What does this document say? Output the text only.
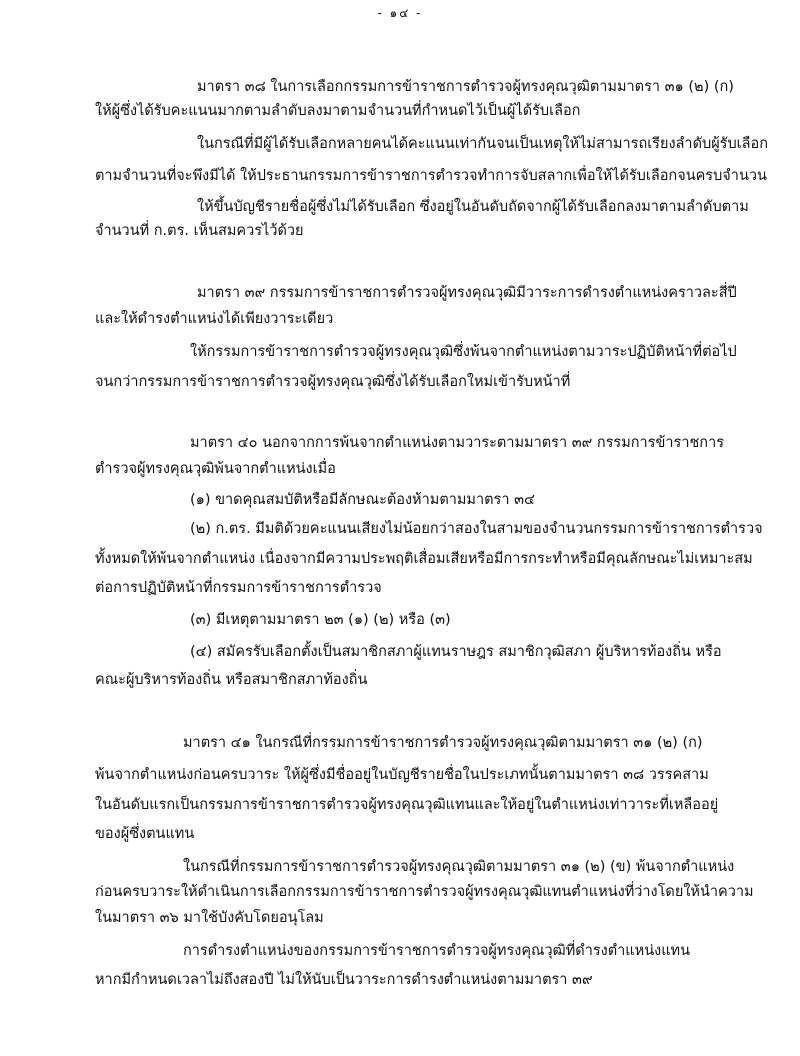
- ๑๔ -
มาตรา ๓๘ ในการเลือกกรรมการข้าราชการตำรวจผู้ทรงคุณวุฒิตามมาตรา ๓๑ (๒) (ก)
ให้ผู้ซึ่งได้รับคะแนนมากตามลำดับลงมาตามจำนวนที่กำหนดไว้เป็นผู้ได้รับเลือก
ในกรณีที่มีผู้ได้รับเลือกหลายคนได้คะแนนเท่ากันจนเป็นเหตุให้ไม่สามารถเรียงลำดับผู้รับเลือก
ตามจำนวนที่จะพึงมีได้ ให้ประธานกรรมการข้าราชการตำรวจทำการจับสลากเพื่อให้ได้รับเลือกจนครบจำนวน
ให้ขึ้นบัญชีรายชื่อผู้ซึ่งไม่ได้รับเลือก ซึ่งอยู่ในอันดับถัดจากผู้ได้รับเลือกลงมาตามลำดับตาม
จำนวนที่ ก.ตร. เห็นสมควรไว้ด้วย
มาตรา ๓๙ กรรมการข้าราชการตำรวจผู้ทรงคุณวุฒิมีวาระการดำรงตำแหน่งคราวละสี่ปี
และให้ดำรงตำแหน่งได้เพียงวาระเดียว
ให้กรรมการข้าราชการตำรวจผู้ทรงคุณวุฒิซึ่งพ้นจากตำแหน่งตามวาระปฏิบัติหน้าที่ต่อไป
จนกว่ากรรมการข้าราชการตำรวจผู้ทรงคุณวุฒิซึ่งได้รับเลือกใหม่เข้ารับหน้าที่
มาตรา ๔๐ นอกจากการพ้นจากตำแหน่งตามวาระตามมาตรา ๓๙ กรรมการข้าราชการ
ตำรวจผู้ทรงคุณวุฒิพ้นจากตำแหน่งเมื่อ
(๑) ขาดคุณสมบัติหรือมีลักษณะต้องห้ามตามมาตรา ๓๔
(๒) ก.ตร. มีมติด้วยคะแนนเสียงไม่น้อยกว่าสองในสามของจำนวนกรรมการข้าราชการตำรวจ
ทั้งหมดให้พ้นจากตำแหน่ง เนื่องจากมีความประพฤติเสื่อมเสียหรือมีการกระทำหรือมีคุณลักษณะไม่เหมาะสม
ต่อการปฏิบัติหน้าที่กรรมการข้าราชการตำรวจ
(๓) มีเหตุตามมาตรา ๒๓ (๑) (๒) หรือ (๓)
(๔) สมัครรับเลือกตั้งเป็นสมาชิกสภาผู้แทนราษฎร สมาชิกวุฒิสภา ผู้บริหารท้องถิ่น หรือ
คณะผู้บริหารท้องถิ่น หรือสมาชิกสภาท้องถิ่น
มาตรา ๔๑ ในกรณีที่กรรมการข้าราชการตำรวจผู้ทรงคุณวุฒิตามมาตรา ๓๑ (๒) (ก)
พ้นจากตำแหน่งก่อนครบวาระ ให้ผู้ซึ่งมีชื่ออยู่ในบัญชีรายชื่อในประเภทนั้นตามมาตรา ๓๘ วรรคสาม
ในอันดับแรกเป็นกรรมการข้าราชการตำรวจผู้ทรงคุณวุฒิแทนและให้อยู่ในตำแหน่งเท่าวาระที่เหลืออยู่
ของผู้ซึ่งตนแทน
ในกรณีที่กรรมการข้าราชการตำรวจผู้ทรงคุณวุฒิตามมาตรา ๓๑ (๒) (ข) พ้นจากตำแหน่ง
ก่อนครบวาระให้ดำเนินการเลือกกรรมการข้าราชการตำรวจผู้ทรงคุณวุฒิแทนตำแหน่งที่ว่างโดยให้นำความ
ในมาตรา ๓๖ มาใช้บังคับโดยอนุโลม
การดำรงตำแหน่งของกรรมการข้าราชการตำรวจผู้ทรงคุณวุฒิที่ดำรงตำแหน่งแทน
หากมีกำหนดเวลาไม่ถึงสองปี ไม่ให้นับเป็นวาระการดำรงตำแหน่งตามมาตรา ๓๙
